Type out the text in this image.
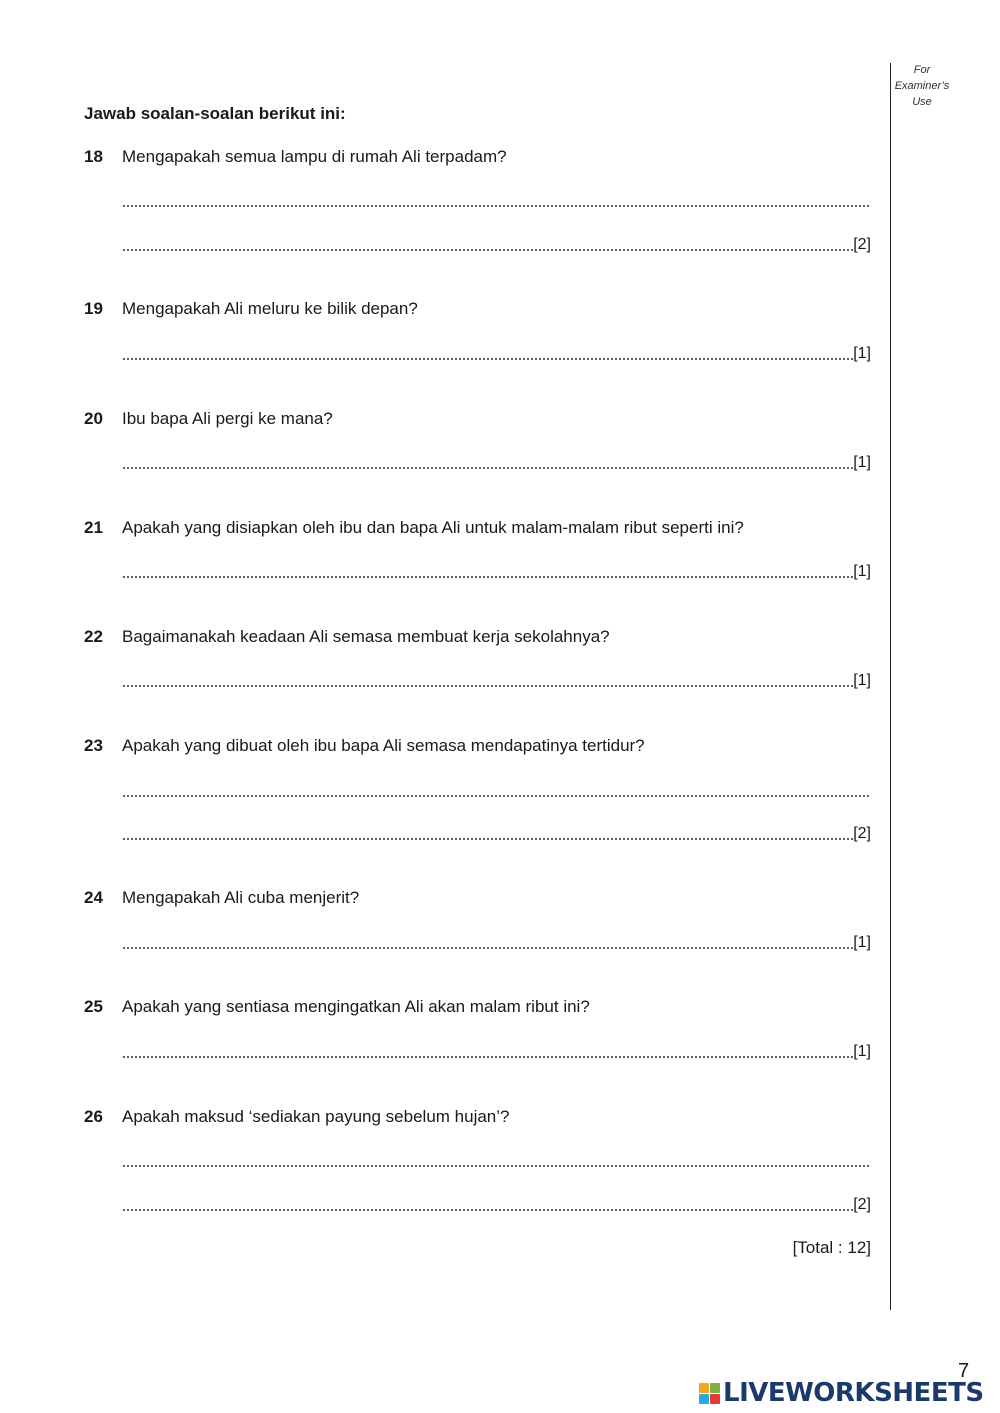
For
Examiner’s
Use
Jawab soalan-soalan berikut ini:
18 Mengapakah semua lampu di rumah Ali terpadam?
[2]
19 Mengapakah Ali meluru ke bilik depan?
[1]
20 Ibu bapa Ali pergi ke mana?
[1]
21 Apakah yang disiapkan oleh ibu dan bapa Ali untuk malam-malam ribut seperti ini?
[1]
22 Bagaimanakah keadaan Ali semasa membuat kerja sekolahnya?
[1]
23 Apakah yang dibuat oleh ibu bapa Ali semasa mendapatinya tertidur?
[2]
24 Mengapakah Ali cuba menjerit?
[1]
25 Apakah yang sentiasa mengingatkan Ali akan malam ribut ini?
[1]
26 Apakah maksud ‘sediakan payung sebelum hujan’?
[2]
[Total : 12]
7
LIVEWORKSHEETS
